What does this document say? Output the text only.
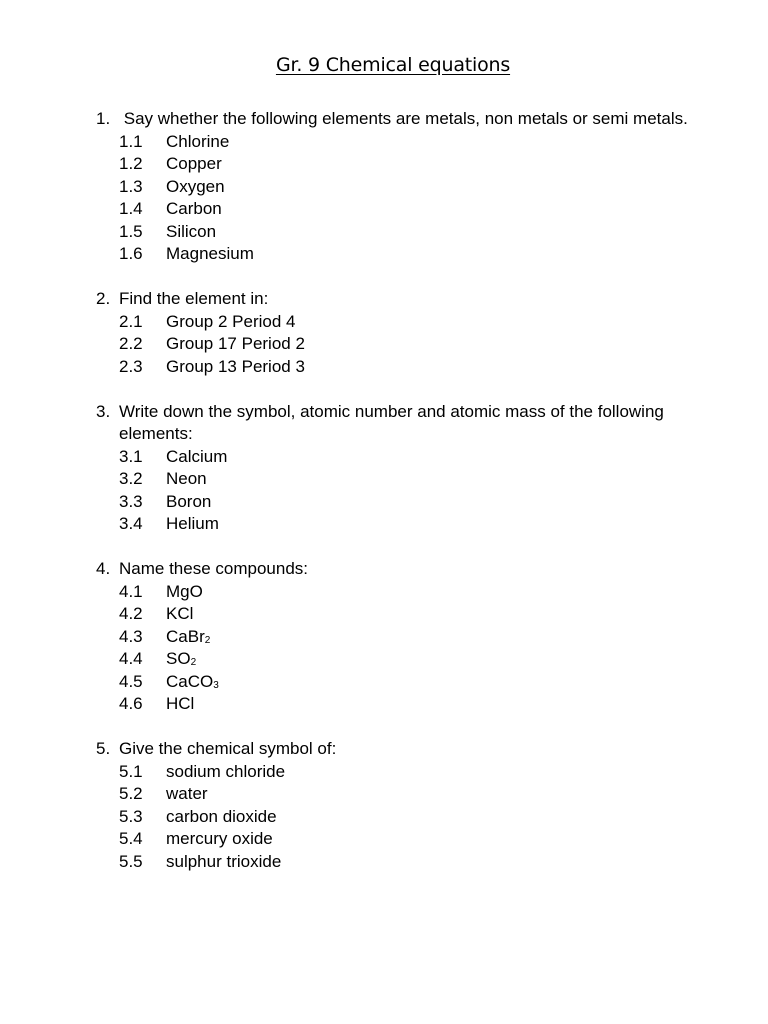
Gr. 9 Chemical equations
1. Say whether the following elements are metals, non metals or semi metals.
1.1	Chlorine
1.2	Copper
1.3	Oxygen
1.4	Carbon
1.5	Silicon
1.6	Magnesium
2. Find the element in:
2.1	Group 2 Period 4
2.2	Group 17 Period 2
2.3	Group 13 Period 3
3. Write down the symbol, atomic number and atomic mass of the following elements:
3.1	Calcium
3.2	Neon
3.3	Boron
3.4	Helium
4. Name these compounds:
4.1	MgO
4.2	KCl
4.3	CaBr$_2$
4.4	$SO_2$
4.5	CaCO$_3$
4.6	HCl
5. Give the chemical symbol of:
5.1	sodium chloride
5.2	water
5.3	carbon dioxide
5.4	mercury oxide
5.5	sulphur trioxide
